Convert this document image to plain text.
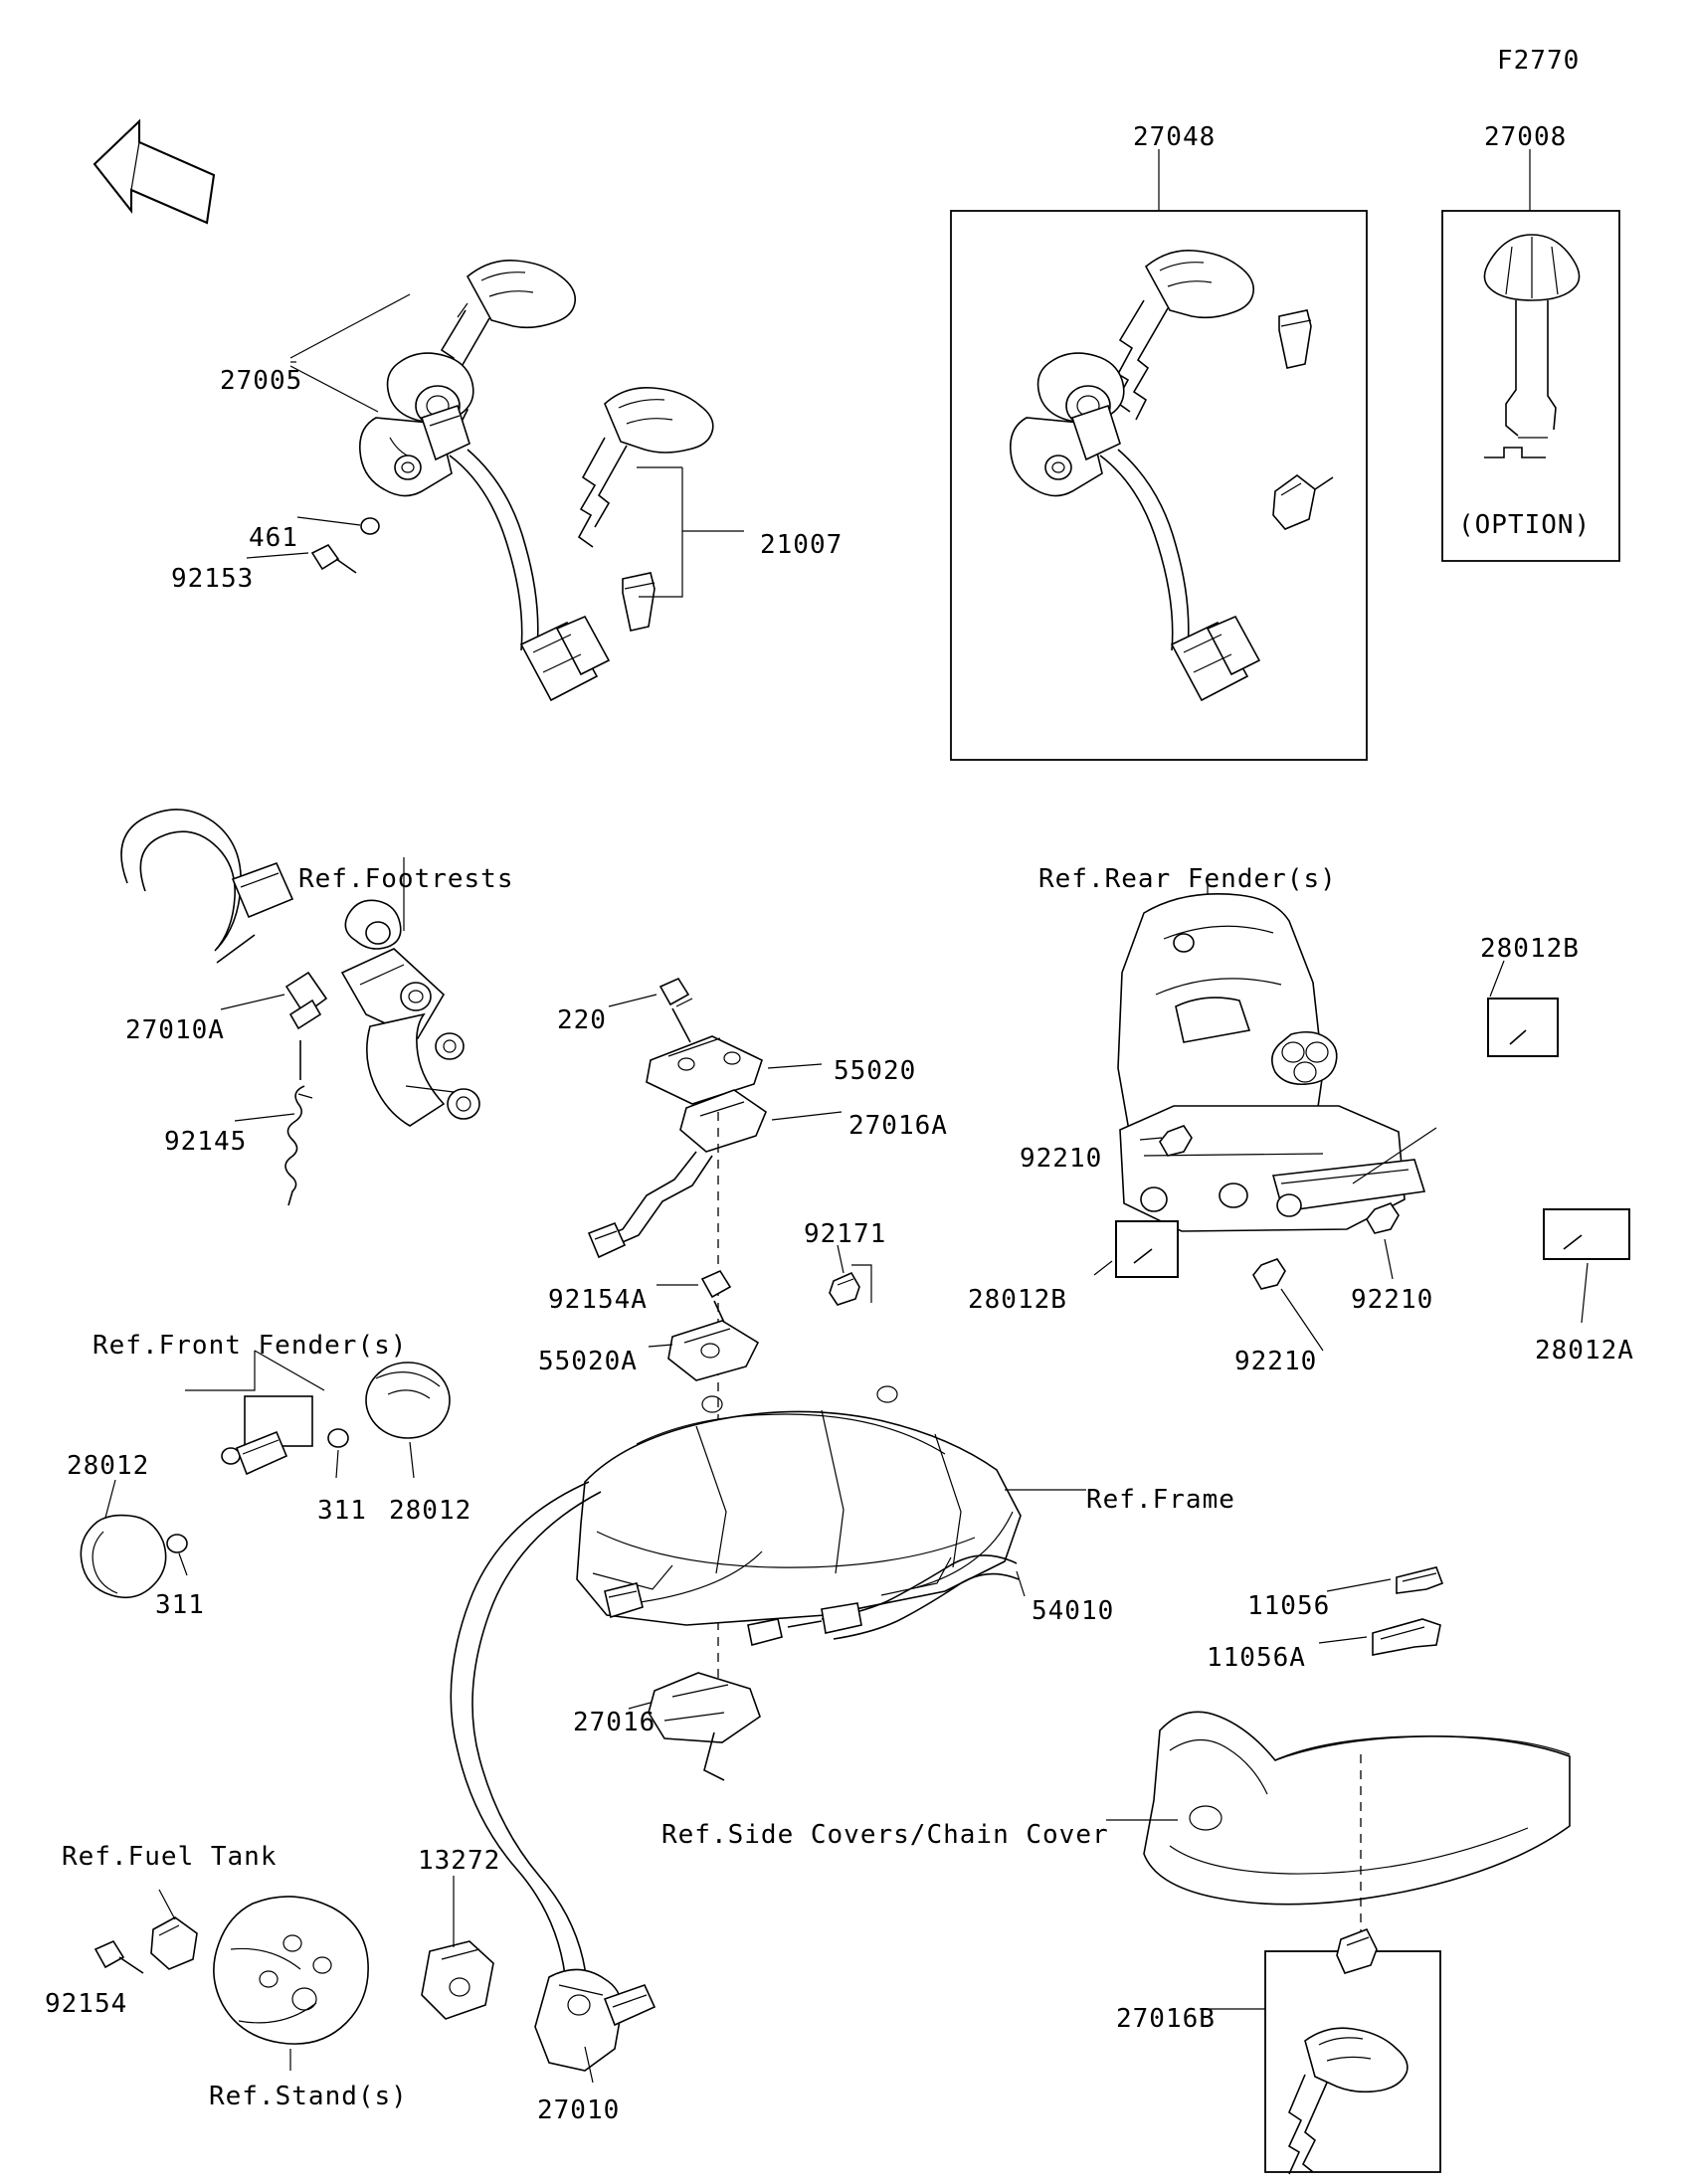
F2770
27048	27008
27005
461
92153
21007
(OPTION)
Ref.Footrests	Ref.Rear Fender(s)
28012B
220
27010A
55020
27016A
92145
92210
92171
92154A	28012B	92210
55020A	28012A
Ref.Front Fender(s)
92210
28012
311 28012	Ref.Frame
311	11056
54010
11056A
27016
Ref.Side Covers/Chain Cover
Ref.Fuel Tank	13272
92154	27016B
Ref.Stand(s)	27010
